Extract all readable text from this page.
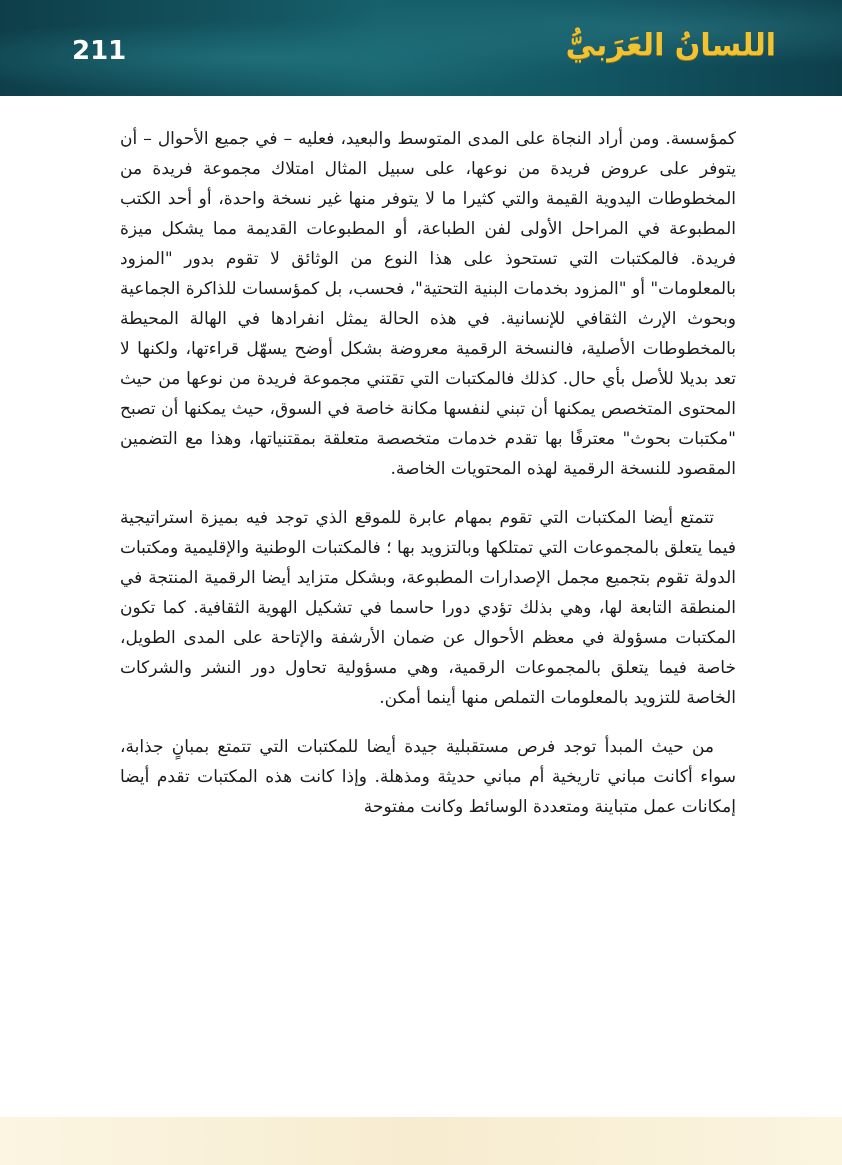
211	اللسانُ العَرَبيُّ

كمؤسسة. ومن أراد النجاة على المدى المتوسط والبعيد، فعليه – في جميع الأحوال – أن يتوفر على عروض فريدة من نوعها، على سبيل المثال امتلاك مجموعة فريدة من المخطوطات اليدوية القيمة والتي كثيرا ما لا يتوفر منها غير نسخة واحدة، أو أحد الكتب المطبوعة في المراحل الأولى لفن الطباعة، أو المطبوعات القديمة مما يشكل ميزة فريدة. فالمكتبات التي تستحوذ على هذا النوع من الوثائق لا تقوم بدور "المزود بالمعلومات" أو "المزود بخدمات البنية التحتية"، فحسب، بل كمؤسسات للذاكرة الجماعية وبحوث الإرث الثقافي للإنسانية. في هذه الحالة يمثل انفرادها في الهالة المحيطة بالمخطوطات الأصلية، فالنسخة الرقمية معروضة بشكل أوضح يسهّل قراءتها، ولكنها لا تعد بديلا للأصل بأي حال. كذلك فالمكتبات التي تقتني مجموعة فريدة من نوعها من حيث المحتوى المتخصص يمكنها أن تبني لنفسها مكانة خاصة في السوق، حيث يمكنها أن تصبح "مكتبات بحوث" معترفًا بها تقدم خدمات متخصصة متعلقة بمقتنياتها، وهذا مع التضمين المقصود للنسخة الرقمية لهذه المحتويات الخاصة.

تتمتع أيضا المكتبات التي تقوم بمهام عابرة للموقع الذي توجد فيه بميزة استراتيجية فيما يتعلق بالمجموعات التي تمتلكها وبالتزويد بها ؛ فالمكتبات الوطنية والإقليمية ومكتبات الدولة تقوم بتجميع مجمل الإصدارات المطبوعة، وبشكل متزايد أيضا الرقمية المنتجة في المنطقة التابعة لها، وهي بذلك تؤدي دورا حاسما في تشكيل الهوية الثقافية. كما تكون المكتبات مسؤولة في معظم الأحوال عن ضمان الأرشفة والإتاحة على المدى الطويل، خاصة فيما يتعلق بالمجموعات الرقمية، وهي مسؤولية تحاول دور النشر والشركات الخاصة للتزويد بالمعلومات التملص منها أينما أمكن.

من حيث المبدأ توجد فرص مستقبلية جيدة أيضا للمكتبات التي تتمتع بمبانٍ جذابة، سواء أكانت مباني تاريخية أم مباني حديثة ومذهلة. وإذا كانت هذه المكتبات تقدم أيضا إمكانات عمل متباينة ومتعددة الوسائط وكانت مفتوحة
